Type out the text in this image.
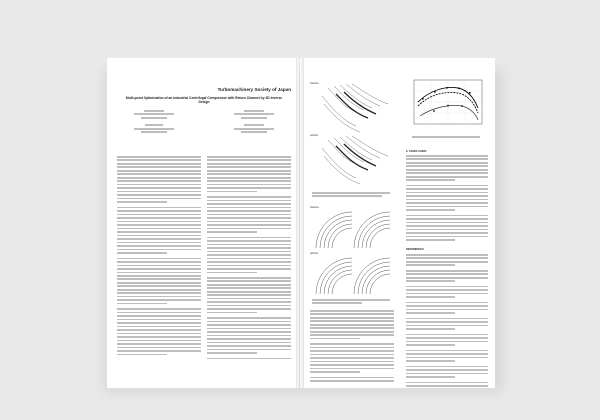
Turbomachinery Society of Japan
Multi-point Optimization of an Industrial Centrifugal Compressor with Return Channel by 3D Inverse Design
baseline
optimal
baseline
optimal
6. CONCLUSION
REFERENCES
